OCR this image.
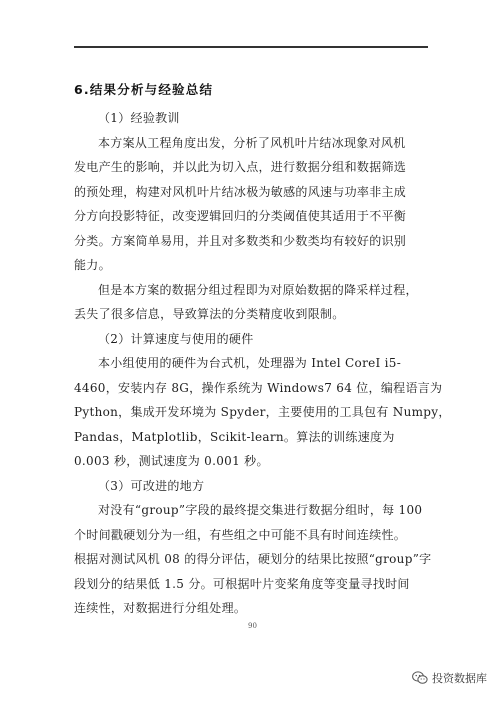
6.结果分析与经验总结
（1）经验教训
本方案从工程角度出发，分析了风机叶片结冰现象对风机
发电产生的影响，并以此为切入点，进行数据分组和数据筛选
的预处理，构建对风机叶片结冰极为敏感的风速与功率非主成
分方向投影特征，改变逻辑回归的分类阈值使其适用于不平衡
分类。方案简单易用，并且对多数类和少数类均有较好的识别
能力。
但是本方案的数据分组过程即为对原始数据的降采样过程，
丢失了很多信息，导致算法的分类精度收到限制。
（2）计算速度与使用的硬件
本小组使用的硬件为台式机，处理器为 Intel CoreI i5-
4460，安装内存 8G，操作系统为 Windows7 64 位，编程语言为
Python，集成开发环境为 Spyder，主要使用的工具包有 Numpy，
Pandas，Matplotlib，Scikit-learn。算法的训练速度为
0.003 秒，测试速度为 0.001 秒。
（3）可改进的地方
对没有“group”字段的最终提交集进行数据分组时，每 100
个时间戳硬划分为一组，有些组之中可能不具有时间连续性。
根据对测试风机 08 的得分评估，硬划分的结果比按照“group”字
段划分的结果低 1.5 分。可根据叶片变桨角度等变量寻找时间
连续性，对数据进行分组处理。
90
投资数据库
